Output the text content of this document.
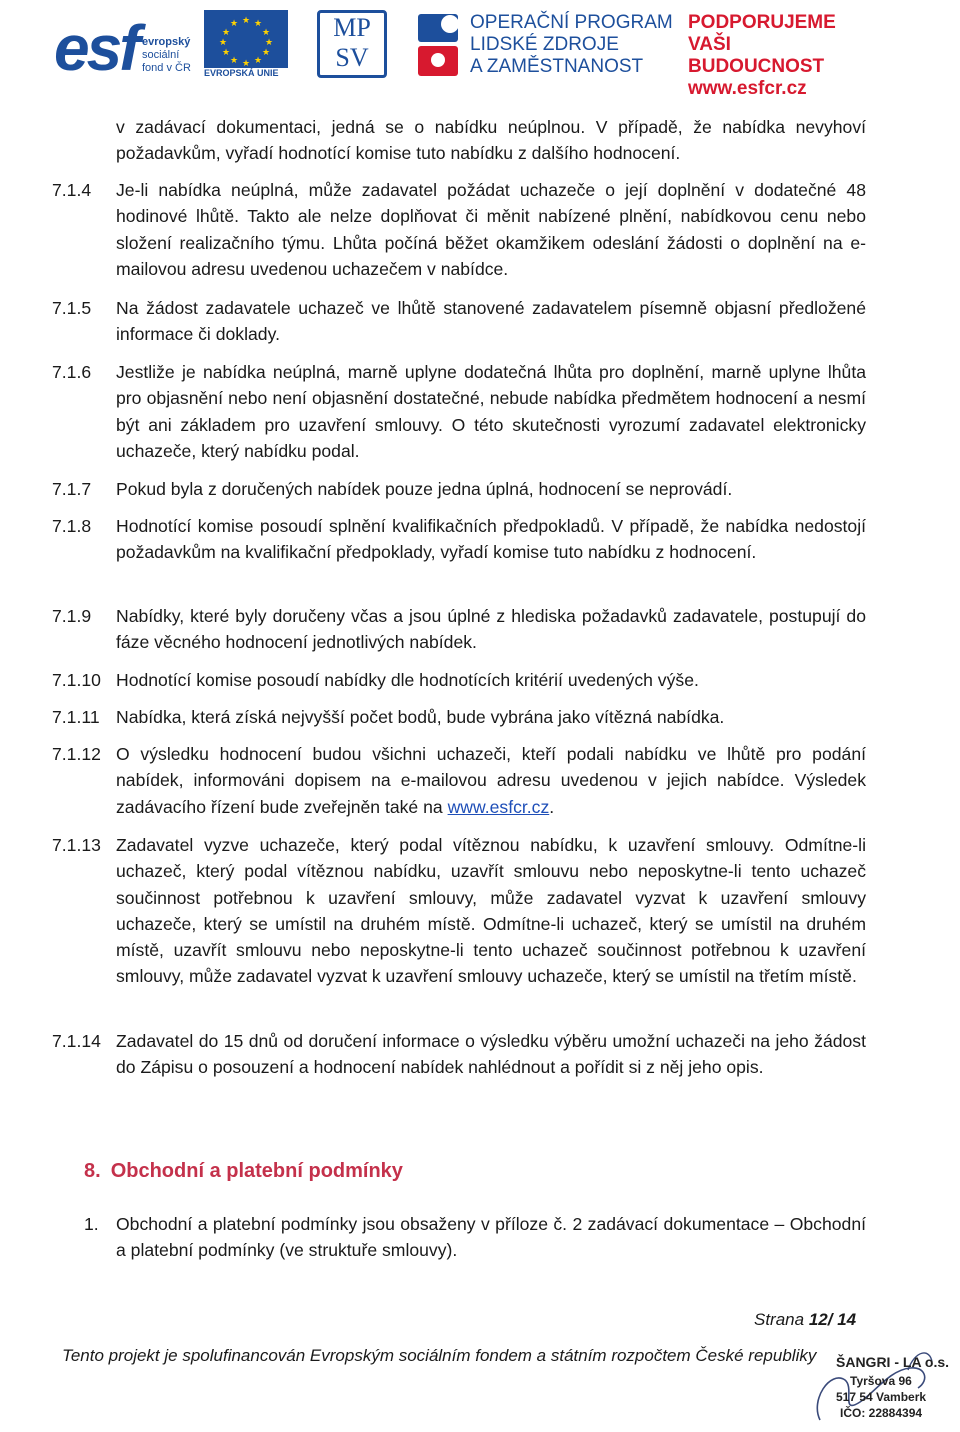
esf evropský
sociální
fond v ČR
★ ★
★
★
★
★
★
★
★
★
★
★
EVROPSKÁ UNIE
MP
SV
OPERAČNÍ PROGRAM
LIDSKÉ ZDROJE
A ZAMĚSTNANOST
PODPORUJEME
VAŠI BUDOUCNOST
www.esfcr.cz
v zadávací dokumentaci, jedná se o nabídku neúplnou. V případě, že nabídka nevyhoví požadavkům, vyřadí hodnotící komise tuto nabídku z dalšího hodnocení.
7.1.4 Je-li nabídka neúplná, může zadavatel požádat uchazeče o její doplnění v dodatečné 48 hodinové lhůtě. Takto ale nelze doplňovat či měnit nabízené plnění, nabídkovou cenu nebo složení realizačního týmu. Lhůta počíná běžet okamžikem odeslání žádosti o doplnění na e-mailovou adresu uvedenou uchazečem v nabídce.
7.1.5 Na žádost zadavatele uchazeč ve lhůtě stanovené zadavatelem písemně objasní předložené informace či doklady.
7.1.6 Jestliže je nabídka neúplná, marně uplyne dodatečná lhůta pro doplnění, marně uplyne lhůta pro objasnění nebo není objasnění dostatečné, nebude nabídka předmětem hodnocení a nesmí být ani základem pro uzavření smlouvy. O této skutečnosti vyrozumí zadavatel elektronicky uchazeče, který nabídku podal.
7.1.7 Pokud byla z doručených nabídek pouze jedna úplná, hodnocení se neprovádí.
7.1.8 Hodnotící komise posoudí splnění kvalifikačních předpokladů. V případě, že nabídka nedostojí požadavkům na kvalifikační předpoklady, vyřadí komise tuto nabídku z hodnocení.
7.1.9 Nabídky, které byly doručeny včas a jsou úplné z hlediska požadavků zadavatele, postupují do fáze věcného hodnocení jednotlivých nabídek.
7.1.10 Hodnotící komise posoudí nabídky dle hodnotících kritérií uvedených výše.
7.1.11 Nabídka, která získá nejvyšší počet bodů, bude vybrána jako vítězná nabídka.
7.1.12 O výsledku hodnocení budou všichni uchazeči, kteří podali nabídku ve lhůtě pro podání nabídek, informováni dopisem na e-mailovou adresu uvedenou v jejich nabídce. Výsledek zadávacího řízení bude zveřejněn také na www.esfcr.cz.
7.1.13 Zadavatel vyzve uchazeče, který podal vítěznou nabídku, k uzavření smlouvy. Odmítne-li uchazeč, který podal vítěznou nabídku, uzavřít smlouvu nebo neposkytne-li tento uchazeč součinnost potřebnou k uzavření smlouvy, může zadavatel vyzvat k uzavření smlouvy uchazeče, který se umístil na druhém místě. Odmítne-li uchazeč, který se umístil na druhém místě, uzavřít smlouvu nebo neposkytne-li tento uchazeč součinnost potřebnou k uzavření smlouvy, může zadavatel vyzvat k uzavření smlouvy uchazeče, který se umístil na třetím místě.
7.1.14 Zadavatel do 15 dnů od doručení informace o výsledku výběru umožní uchazeči na jeho žádost do Zápisu o posouzení a hodnocení nabídek nahlédnout a pořídit si z něj jeho opis.
8. Obchodní a platební podmínky
1. Obchodní a platební podmínky jsou obsaženy v příloze č. 2 zadávací dokumentace – Obchodní a platební podmínky (ve struktuře smlouvy).
Strana 12/ 14
Tento projekt je spolufinancován Evropským sociálním fondem a státním rozpočtem České republiky ŠANGRI - LA o.s.
Tyršova 96
517 54 Vamberk
IČO: 22884394
